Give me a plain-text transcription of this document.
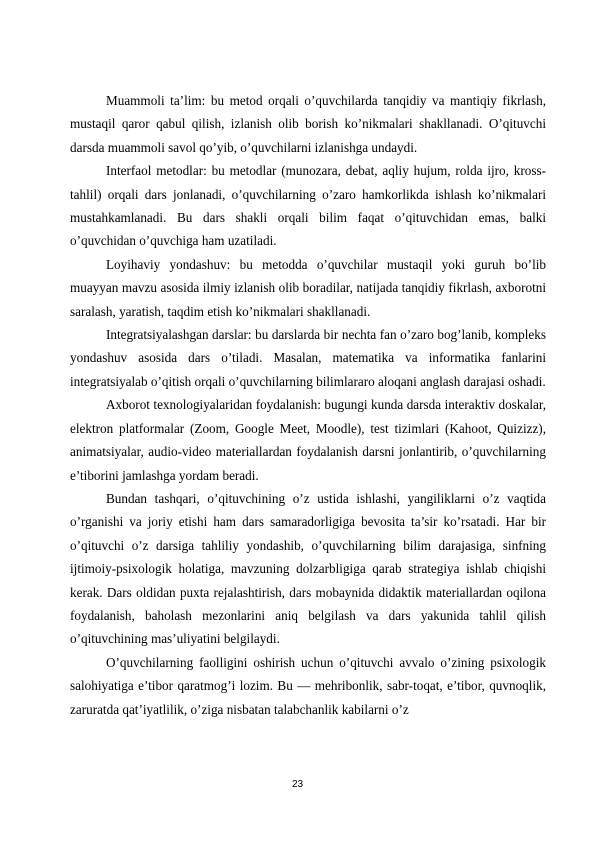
Muammoli ta’lim: bu metod orqali o’quvchilarda tanqidiy va mantiqiy fikrlash, mustaqil qaror qabul qilish, izlanish olib borish ko’nikmalari shakllanadi. O’qituvchi darsda muammoli savol qo’yib, o’quvchilarni izlanishga undaydi.

Interfaol metodlar: bu metodlar (munozara, debat, aqliy hujum, rolda ijro, kross-tahlil) orqali dars jonlanadi, o’quvchilarning o’zaro hamkorlikda ishlash ko’nikmalari mustahkamlanadi. Bu dars shakli orqali bilim faqat o’qituvchidan emas, balki o’quvchidan o’quvchiga ham uzatiladi.

Loyihaviy yondashuv: bu metodda o’quvchilar mustaqil yoki guruh bo’lib muayyan mavzu asosida ilmiy izlanish olib boradilar, natijada tanqidiy fikrlash, axborotni saralash, yaratish, taqdim etish ko’nikmalari shakllanadi.

Integratsiyalashgan darslar: bu darslarda bir nechta fan o’zaro bog’lanib, kompleks yondashuv asosida dars o’tiladi. Masalan, matematika va informatika fanlarini integratsiyalab o’qitish orqali o’quvchilarning bilimlararo aloqani anglash darajasi oshadi.

Axborot texnologiyalaridan foydalanish: bugungi kunda darsda interaktiv doskalar, elektron platformalar (Zoom, Google Meet, Moodle), test tizimlari (Kahoot, Quizizz), animatsiyalar, audio-video materiallardan foydalanish darsni jonlantirib, o’quvchilarning e’tiborini jamlashga yordam beradi.

Bundan tashqari, o’qituvchining o’z ustida ishlashi, yangiliklarni o’z vaqtida o’rganishi va joriy etishi ham dars samaradorligiga bevosita ta’sir ko’rsatadi. Har bir o’qituvchi o’z darsiga tahliliy yondashib, o’quvchilarning bilim darajasiga, sinfning ijtimoiy-psixologik holatiga, mavzuning dolzarbligiga qarab strategiya ishlab chiqishi kerak. Dars oldidan puxta rejalashtirish, dars mobaynida didaktik materiallardan oqilona foydalanish, baholash mezonlarini aniq belgilash va dars yakunida tahlil qilish o’qituvchining mas’uliyatini belgilaydi.

O’quvchilarning faolligini oshirish uchun o’qituvchi avvalo o’zining psixologik salohiyatiga e’tibor qaratmog’i lozim. Bu — mehribonlik, sabr-toqat, e’tibor, quvnoqlik, zaruratda qat’iyatlilik, o’ziga nisbatan talabchanlik kabilarni o’z

23
